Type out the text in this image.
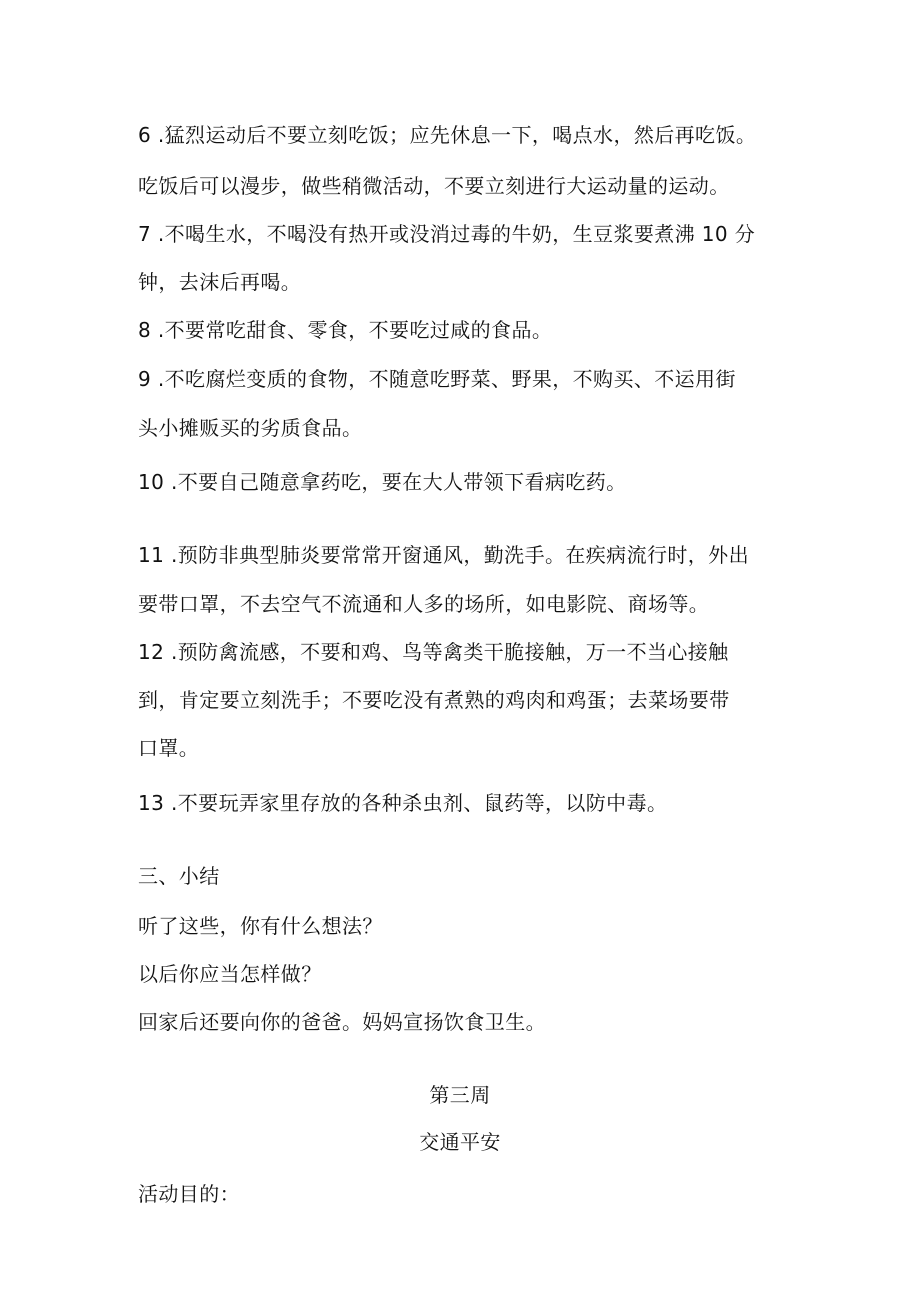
6 .猛烈运动后不要立刻吃饭；应先休息一下，喝点水，然后再吃饭。
吃饭后可以漫步，做些稍微活动，不要立刻进行大运动量的运动。
7 .不喝生水，不喝没有热开或没消过毒的牛奶，生豆浆要煮沸 10 分
钟，去沫后再喝。
8 .不要常吃甜食、零食，不要吃过咸的食品。
9 .不吃腐烂变质的食物，不随意吃野菜、野果，不购买、不运用街
头小摊贩买的劣质食品。
10 .不要自己随意拿药吃，要在大人带领下看病吃药。
11 .预防非典型肺炎要常常开窗通风，勤洗手。在疾病流行时，外出
要带口罩，不去空气不流通和人多的场所，如电影院、商场等。
12 .预防禽流感，不要和鸡、鸟等禽类干脆接触，万一不当心接触
到，肯定要立刻洗手；不要吃没有煮熟的鸡肉和鸡蛋；去菜场要带
口罩。
13 .不要玩弄家里存放的各种杀虫剂、鼠药等，以防中毒。
三、小结
听了这些，你有什么想法？
以后你应当怎样做？
回家后还要向你的爸爸。妈妈宣扬饮食卫生。
第三周
交通平安
活动目的：
